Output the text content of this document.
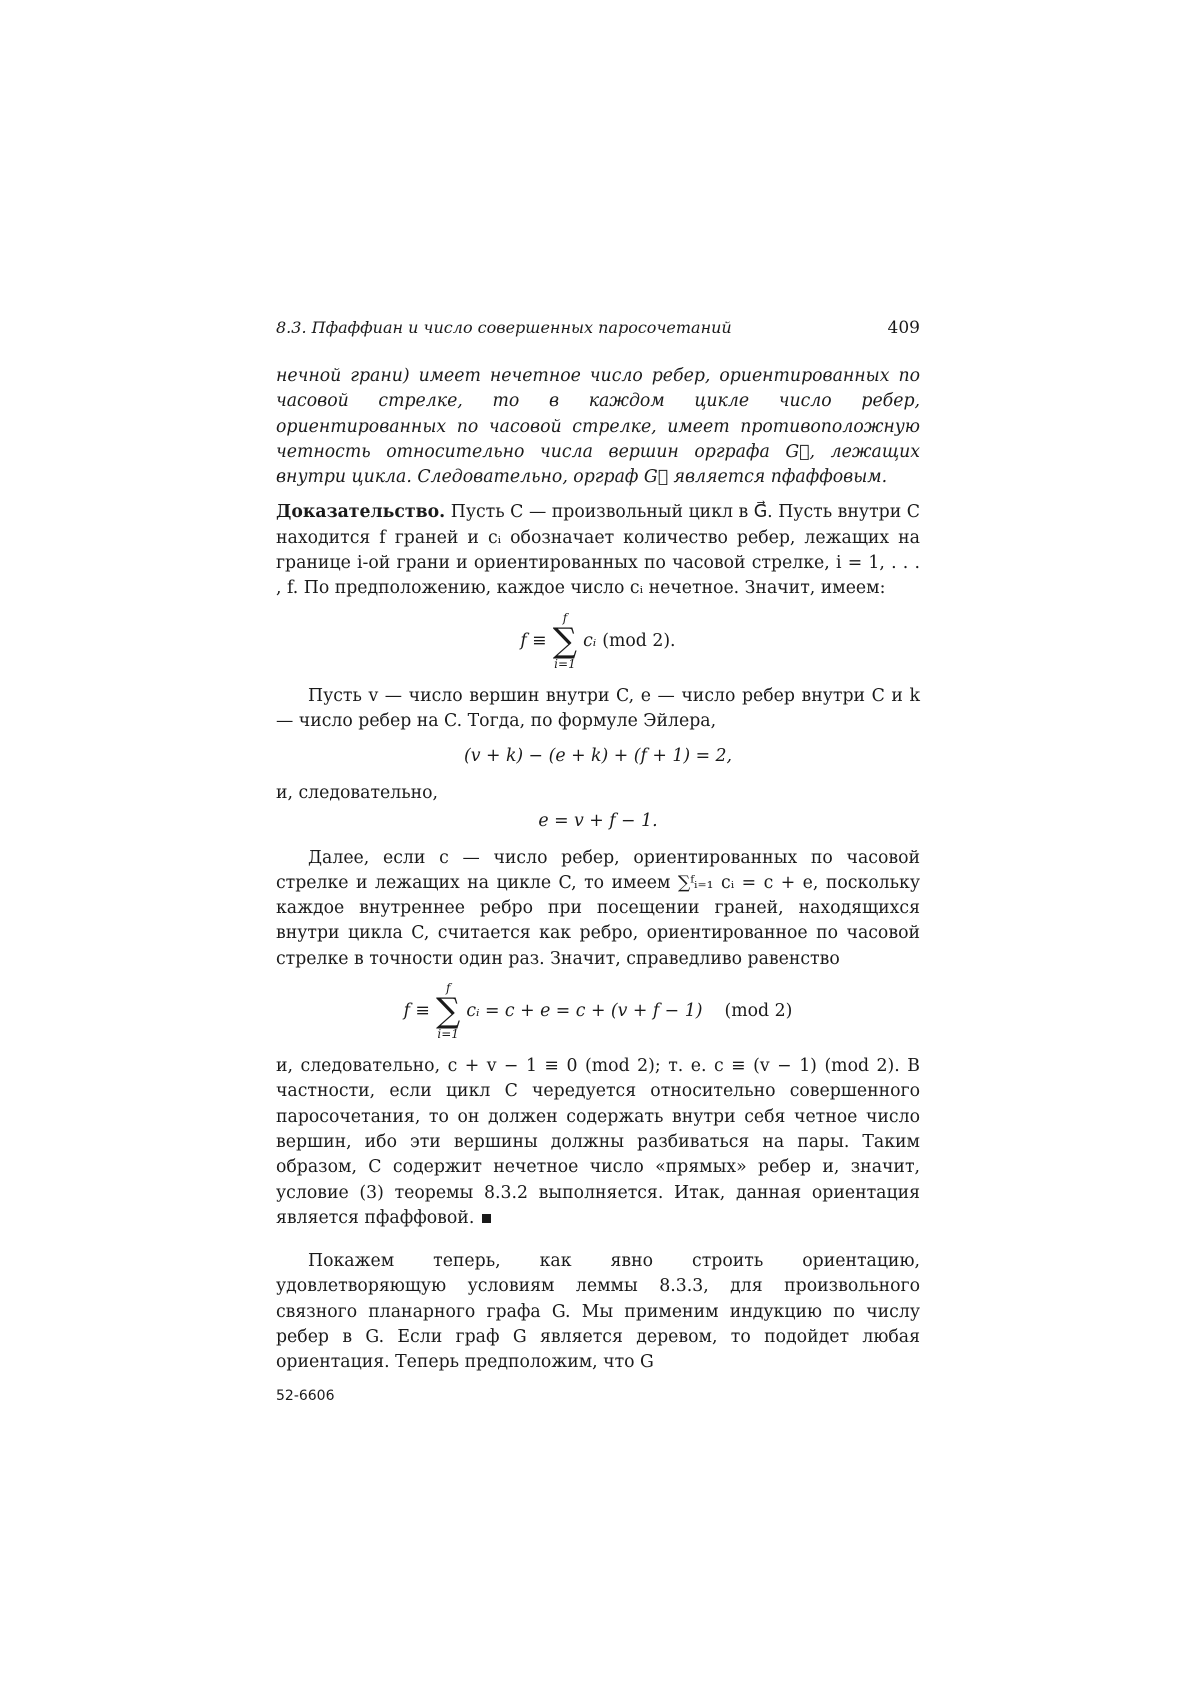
8.3. Пфаффиан и число совершенных паросочетаний	409

нечной грани) имеет нечетное число ребер, ориентированных по часовой стрелке, то в каждом цикле число ребер, ориентированных по часовой стрелке, имеет противоположную четность относительно числа вершин орграфа G⃗, лежащих внутри цикла. Следовательно, орграф G⃗ является пфаффовым.

Доказательство. Пусть C — произвольный цикл в G⃗. Пусть внутри C находится f граней и cᵢ обозначает количество ребер, лежащих на границе i-ой грани и ориентированных по часовой стрелке, i = 1, . . . , f. По предположению, каждое число cᵢ нечетное. Значит, имеем:

f ≡
f
∑
i=1
cᵢ (mod 2).

Пусть v — число вершин внутри C, e — число ребер внутри C и k — число ребер на C. Тогда, по формуле Эйлера,

(v + k) − (e + k) + (f + 1) = 2,

и, следовательно,

e = v + f − 1.

Далее, если c — число ребер, ориентированных по часовой стрелке и лежащих на цикле C, то имеем ∑ᶠᵢ₌₁ cᵢ = c + e, поскольку каждое внутреннее ребро при посещении граней, находящихся внутри цикла C, считается как ребро, ориентированное по часовой стрелке в точности один раз. Значит, справедливо равенство

f ≡
f
∑
i=1
cᵢ = c + e = c + (v + f − 1) (mod 2)

и, следовательно, c + v − 1 ≡ 0 (mod 2); т. е. c ≡ (v − 1) (mod 2). В частности, если цикл C чередуется относительно совершенного паросочетания, то он должен содержать внутри себя четное число вершин, ибо эти вершины должны разбиваться на пары. Таким образом, C содержит нечетное число «прямых» ребер и, значит, условие (3) теоремы 8.3.2 выполняется. Итак, данная ориентация является пфаффовой.

Покажем теперь, как явно строить ориентацию, удовлетворяющую условиям леммы 8.3.3, для произвольного связного планарного графа G. Мы применим индукцию по числу ребер в G. Если граф G является деревом, то подойдет любая ориентация. Теперь предположим, что G

52-6606
